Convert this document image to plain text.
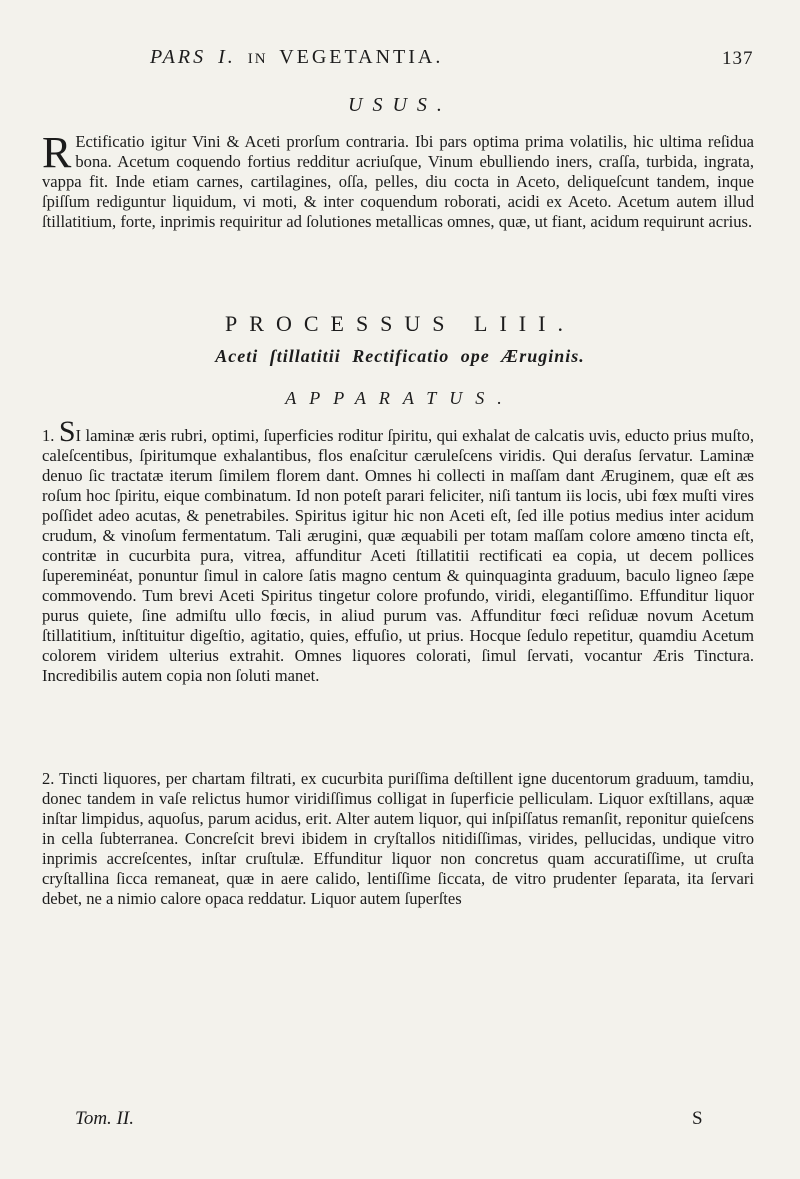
PARS I. IN VEGETANTIA.	137
USUS.
R Ectificatio igitur Vini & Aceti prorſum contraria. Ibi pars optima prima volatilis, hic ultima reſidua bona. Acetum coquendo fortius redditur acriuſque, Vinum ebulliendo iners, craſſa, turbida, ingrata, vappa fit. Inde etiam carnes, cartilagines, oſſa, pelles, diu cocta in Aceto, deliqueſcunt tandem, inque ſpiſſum rediguntur liquidum, vi moti, & inter coquendum roborati, acidi ex Aceto. Acetum autem illud ſtillatitium, forte, inprimis requiritur ad ſolutiones metallicas omnes, quæ, ut fiant, acidum requirunt acrius.
PROCESSUS LIII.
Aceti ſtillatitii Rectificatio ope Æruginis.
APPARATUS.
1. SI laminæ æris rubri, optimi, ſuperficies roditur ſpiritu, qui exhalat de calcatis uvis, educto prius muſto, caleſcentibus, ſpiritumque exhalantibus, flos enaſcitur cæruleſcens viridis. Qui deraſus ſervatur. Laminæ denuo ſic tractatæ iterum ſimilem florem dant. Omnes hi collecti in maſſam dant Æruginem, quæ eſt æs roſum hoc ſpiritu, eique combinatum. Id non poteſt parari feliciter, niſi tantum iis locis, ubi fœx muſti vires poſſidet adeo acutas, & penetrabiles. Spiritus igitur hic non Aceti eſt, ſed ille potius medius inter acidum crudum, & vinoſum fermentatum. Tali ærugini, quæ æquabili per totam maſſam colore amœno tincta eſt, contritæ in cucurbita pura, vitrea, affunditur Aceti ſtillatitii rectificati ea copia, ut decem pollices ſupereminéat, ponuntur ſimul in calore ſatis magno centum & quinquaginta graduum, baculo ligneo ſæpe commovendo. Tum brevi Aceti Spiritus tingetur colore profundo, viridi, elegantiſſimo. Effunditur liquor purus quiete, ſine admiſtu ullo fœcis, in aliud purum vas. Affunditur fœci reſiduæ novum Acetum ſtillatitium, inſtituitur digeſtio, agitatio, quies, effuſio, ut prius. Hocque ſedulo repetitur, quamdiu Acetum colorem viridem ulterius extrahit. Omnes liquores colorati, ſimul ſervati, vocantur Æris Tinctura. Incredibilis autem copia non ſoluti manet.
2. Tincti liquores, per chartam filtrati, ex cucurbita puriſſima deſtillent igne ducentorum graduum, tamdiu, donec tandem in vaſe relictus humor viridiſſimus colligat in ſuperficie pelliculam. Liquor exſtillans, aquæ inſtar limpidus, aquoſus, parum acidus, erit. Alter autem liquor, qui inſpiſſatus remanſit, reponitur quieſcens in cella ſubterranea. Concreſcit brevi ibidem in cryſtallos nitidiſſimas, virides, pellucidas, undique vitro inprimis accreſcentes, inſtar cruſtulæ. Effunditur liquor non concretus quam accuratiſſime, ut cruſta cryſtallina ſicca remaneat, quæ in aere calido, lentiſſime ſiccata, de vitro prudenter ſeparata, ita ſervari debet, ne a nimio calore opaca reddatur. Liquor autem ſuperſtes
Tom. II.	S
